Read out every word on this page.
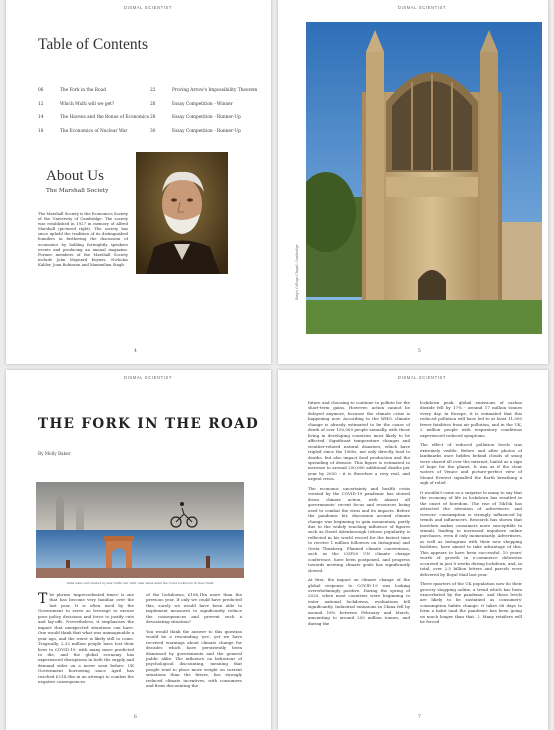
DISMAL SCIENTIST
Table of Contents
06	The Fork in the Road
12	Which Multi will we get?
14	The Havens and the Bonus of Economics
18	The Economics of Nuclear War
22	Proving Arrow's Impossibility Theorem
26	Essay Competition - Winner
28	Essay Competition - Runner-Up
30	Essay Competition - Runner-Up
About Us
The Marshall Society
The Marshall Society is the Economics Society of the University of Cambridge. The society was established in 1927 in memory of Alfred Marshall (pictured right). The society has since upheld the tradition of its distinguished founders in furthering the discussion of economics by holding fortnightly speakers events and producing an annual magazine. Former members of the Marshall Society include John Maynard Keynes, Nicholas Kaldor, Joan Robinson and Maximilian Singh.
4
DISMAL SCIENTIST
King's College Chapel, Cambridge
5
DISMAL SCIENTIST
THE FORK IN THE ROAD
By Molly Baker
India Gate surrounded by less traffic but with clear skies amid the Covid lockdown in New Delhi

The phrase 'unprecedented times' is one that has become very familiar over the last year. It is often used by the Government to serve as leverage to excuse poor policy decisions and force to justify cuts and lay-offs. Nevertheless, it emphasises the impact that unexpected situations can have. One would think that what was unimaginable a year ago, and the worst is likely still to come. Tragically, 2.32 million people have lost their lives to COVID-19, with many more predicted to die, and the global economy has experienced disruptions in both the supply and demand sides on a never seen before. UK Government borrowing since April has reached £214.9bn in an attempt to combat the negative consequences

of the lockdowns, £188.1bn more than the previous year. If only we could have predicted this, surely we would have been able to implement measures to significantly reduce the consequences and prevent such a devastating situation?

You would think the answer to this question would be a resounding 'yes', yet we have received warnings about climate change for decades which have persistently been dismissed by governments and the general public alike. The influence on behaviour of psychological discounting, meaning that people tend to place more weight on current situations than the future, has strongly reduced climate incentives, with consumers and firms discounting the

6
DISMAL SCIENTIST

future and choosing to continue to pollute for the short-term gains. However, action cannot be delayed anymore, because the climate crisis is happening now. According to the WHO, climate change is already estimated to be the cause of death of over 150,000 people annually, with those living in developing countries most likely to be affected. Significant temperature changes and weather-related natural disasters, which have tripled since the 1960s, not only directly lead to deaths, but also impact food production and the spreading of disease. This figure is estimated to increase to around 250,000 additional deaths per year by 2030 - it is therefore a very real, and urgent crisis.

The economic uncertainty and health crisis created by the COVID-19 pandemic has slowed down climate action, with almost all governments' recent focus and resources being used to combat the virus and its impacts. Before the pandemic hit, discussion around climate change was beginning to gain momentum, partly due to the widely reaching influence of figures such as David Attenborough (whose popularity is reflected in his world record for the fastest time to receive 1 million followers on Instagram) and Greta Thunberg. Planned climate conventions, such as the COP26 UN climate change conference, have been postponed, and progress towards meeting climate goals has significantly slowed.

At first, the impact on climate change of the global response to COVID-19 was looking overwhelmingly positive. During the spring of 2020, when most countries were beginning to enter national lockdowns, evaluations fell significantly. Industrial emissions in China fell by around 18% between February and March, amounting to around 250 million tonnes, and during the

lockdown peak, global emissions of carbon dioxide fell by 17% - around 17 million tonnes every day. In Europe, it is estimated that this reduced pollution will have led to at least 11,000 fewer fatalities from air pollution, and in the UK, 2 million people with respiratory conditions experienced reduced symptoms.

The effect of reduced pollution levels was extremely visible. Before and after photos of landmarks once hidden behind clouds of smog were shared all over the internet, hailed as a sign of hope for the planet. It was as if the clear waters of Venice and picture-perfect view of Mount Everest signalled the Earth breathing a sigh of relief.

It wouldn't come as a surprise to many to say that the economy of life in lockdown has resulted in the onset of boredom. The rise of TikTok has attracted the attention of advertisers, and viewers' consumption is strongly influenced by trends and influencers. Research has shown that boredom makes consumers more susceptible to stimuli, leading to increased impulsive online purchases, even if only momentarily. Advertisers, as well as Instagram with their new shopping facilities, have aimed to take advantage of this. This appears to have been successful: 10 years' worth of growth in e-commerce deliveries occurred in just 8 weeks during lockdown, and, in total, over 2.5 billion letters and parcels were delivered by Royal Mail last year.

Three quarters of the UK population now do their grocery shopping online, a trend which has been exacerbated by the pandemic, and these levels are likely to be sustained as consumers' consumption habits change: it takes 66 days to form a habit (and the pandemic has been going on much longer than that...). Many retailers will be forced

7
